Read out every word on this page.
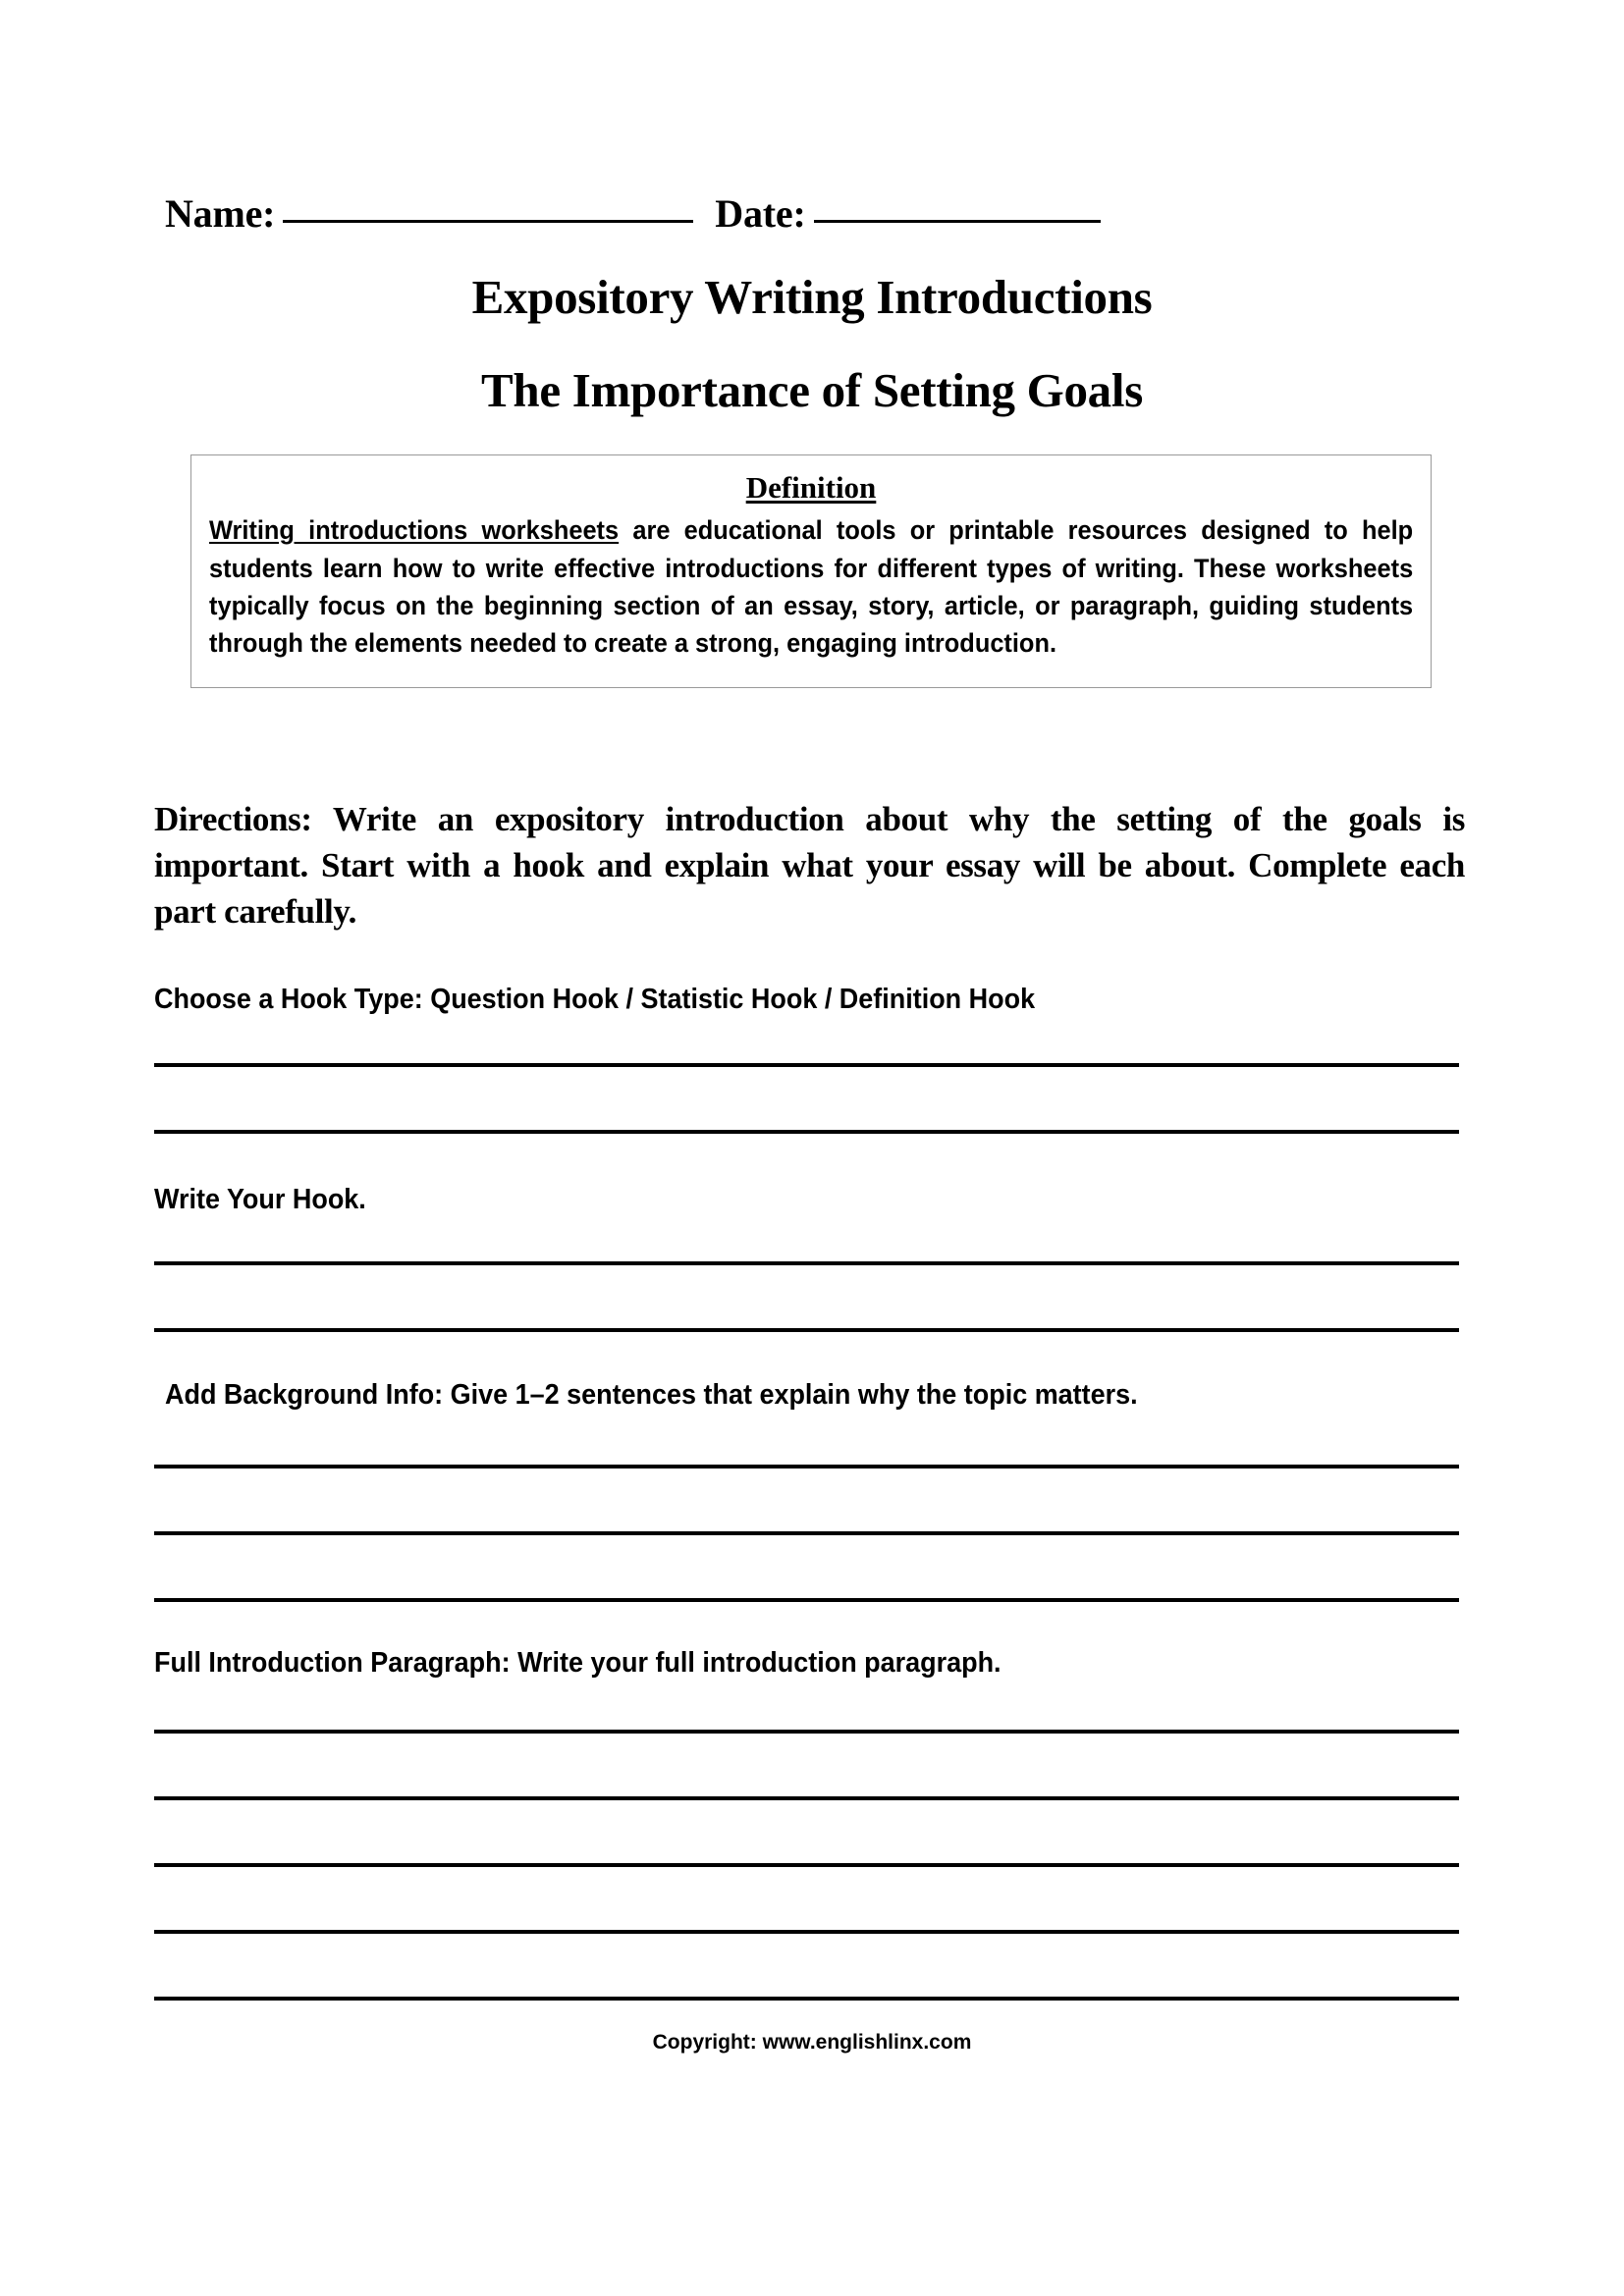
Name:	Date:
Expository Writing Introductions
The Importance of Setting Goals
Definition
Writing introductions worksheets are educational tools or printable resources designed to help students learn how to write effective introductions for different types of writing. These worksheets typically focus on the beginning section of an essay, story, article, or paragraph, guiding students through the elements needed to create a strong, engaging introduction.
Directions: Write an expository introduction about why the setting of the goals is important. Start with a hook and explain what your essay will be about. Complete each part carefully.
Choose a Hook Type: Question Hook / Statistic Hook / Definition Hook
Write Your Hook.
Add Background Info: Give 1–2 sentences that explain why the topic matters.
Full Introduction Paragraph: Write your full introduction paragraph.
Copyright: www.englishlinx.com
